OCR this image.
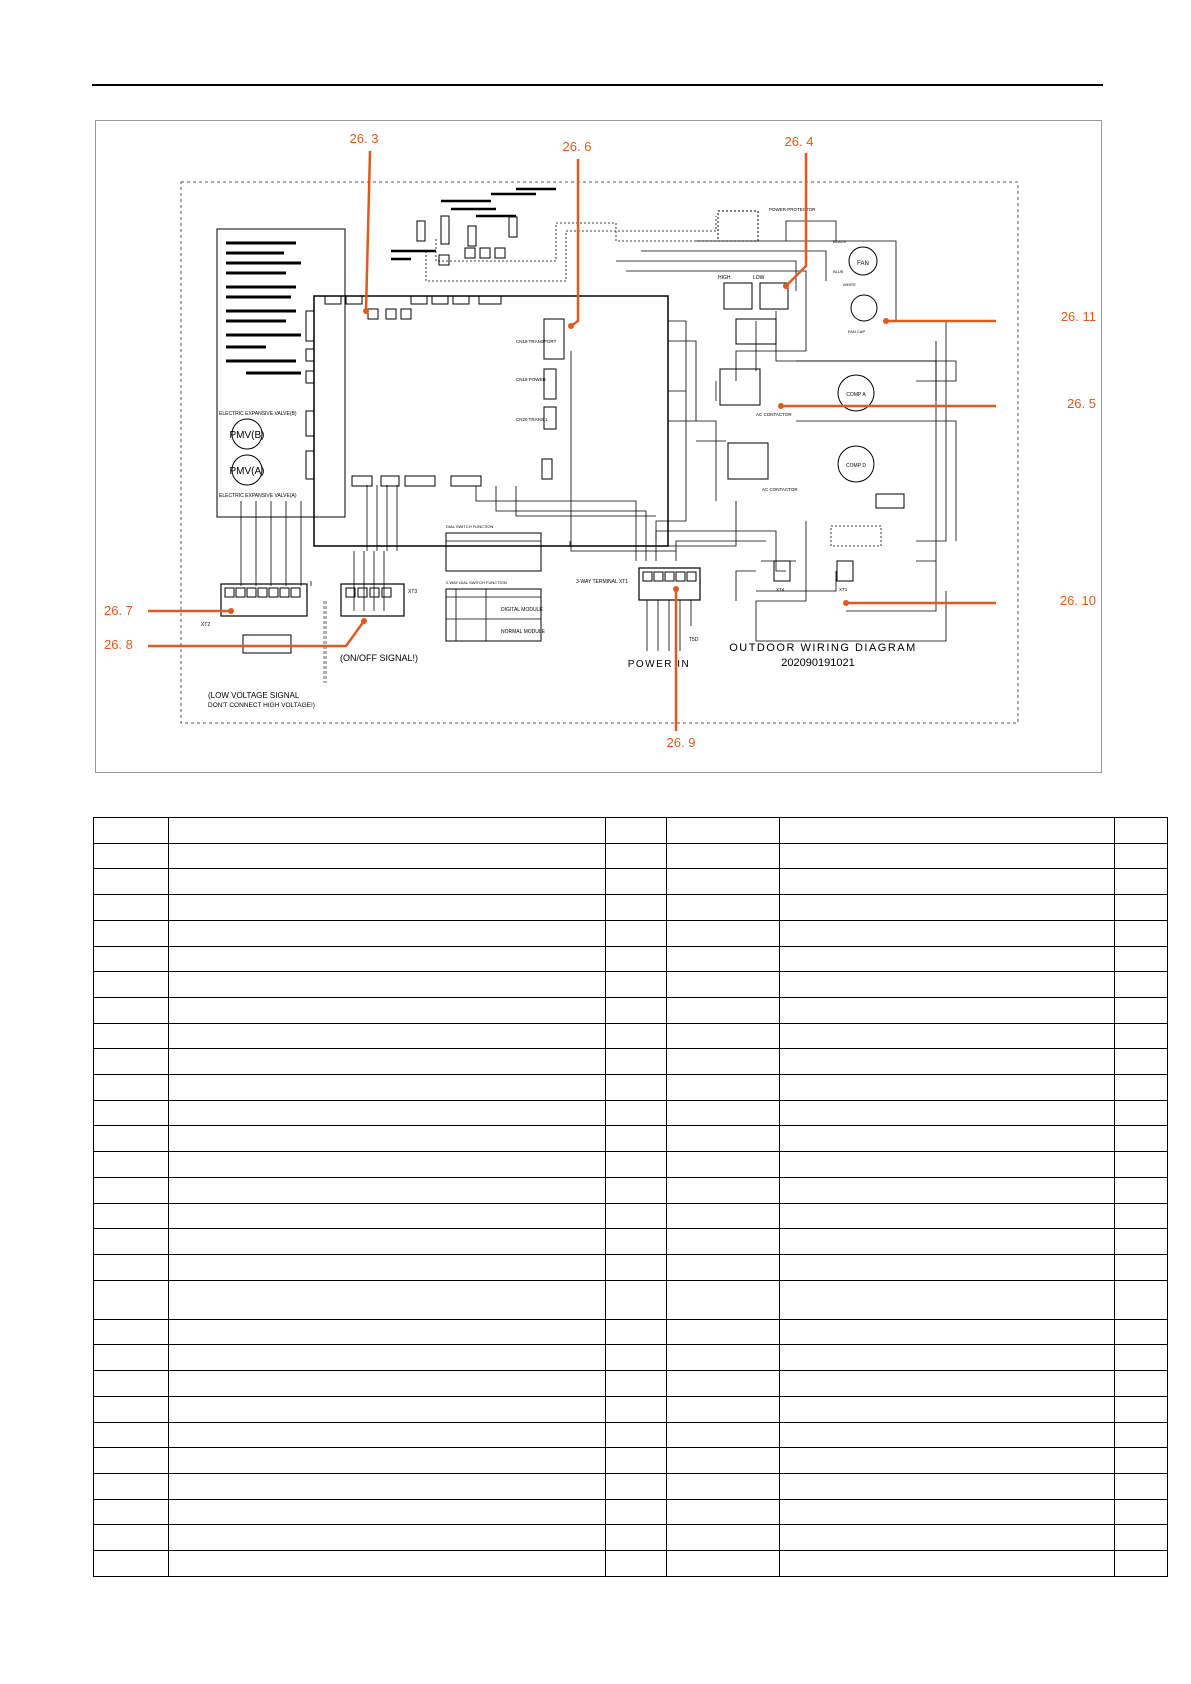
PMV(B)
PMV(A)
ELECTRIC EXPANSIVE VALVE(B)
ELECTRIC EXPANSIVE VALVE(A)
CN19 TRANSPORT
CN18 POWER
CN20 TRANS 1
POWER PROTECTOR
HIGH	LOW
FAN
FAN CAP
BLACK
BLUE
WHITE
COMP A
COMP D
AC CONTACTOR
AC CONTACTOR
XT2
XT3
(LOW VOLTAGE SIGNAL
DON'T CONNECT HIGH VOLTAGE!)
(ON/OFF SIGNAL!)
DIAL SWITCH FUNCTION
2-WAY DIAL SWITCH FUNCTION
DIGITAL MODULE
NORMAL MODULE
3-WAY TERMINAL XT1
T5D
POWER IN
XT4	XT1
OUTDOOR WIRING DIAGRAM
202090191021
26. 3
26. 6	26. 4
26. 11
26. 5
26. 7
26. 8
26. 10
26. 9
